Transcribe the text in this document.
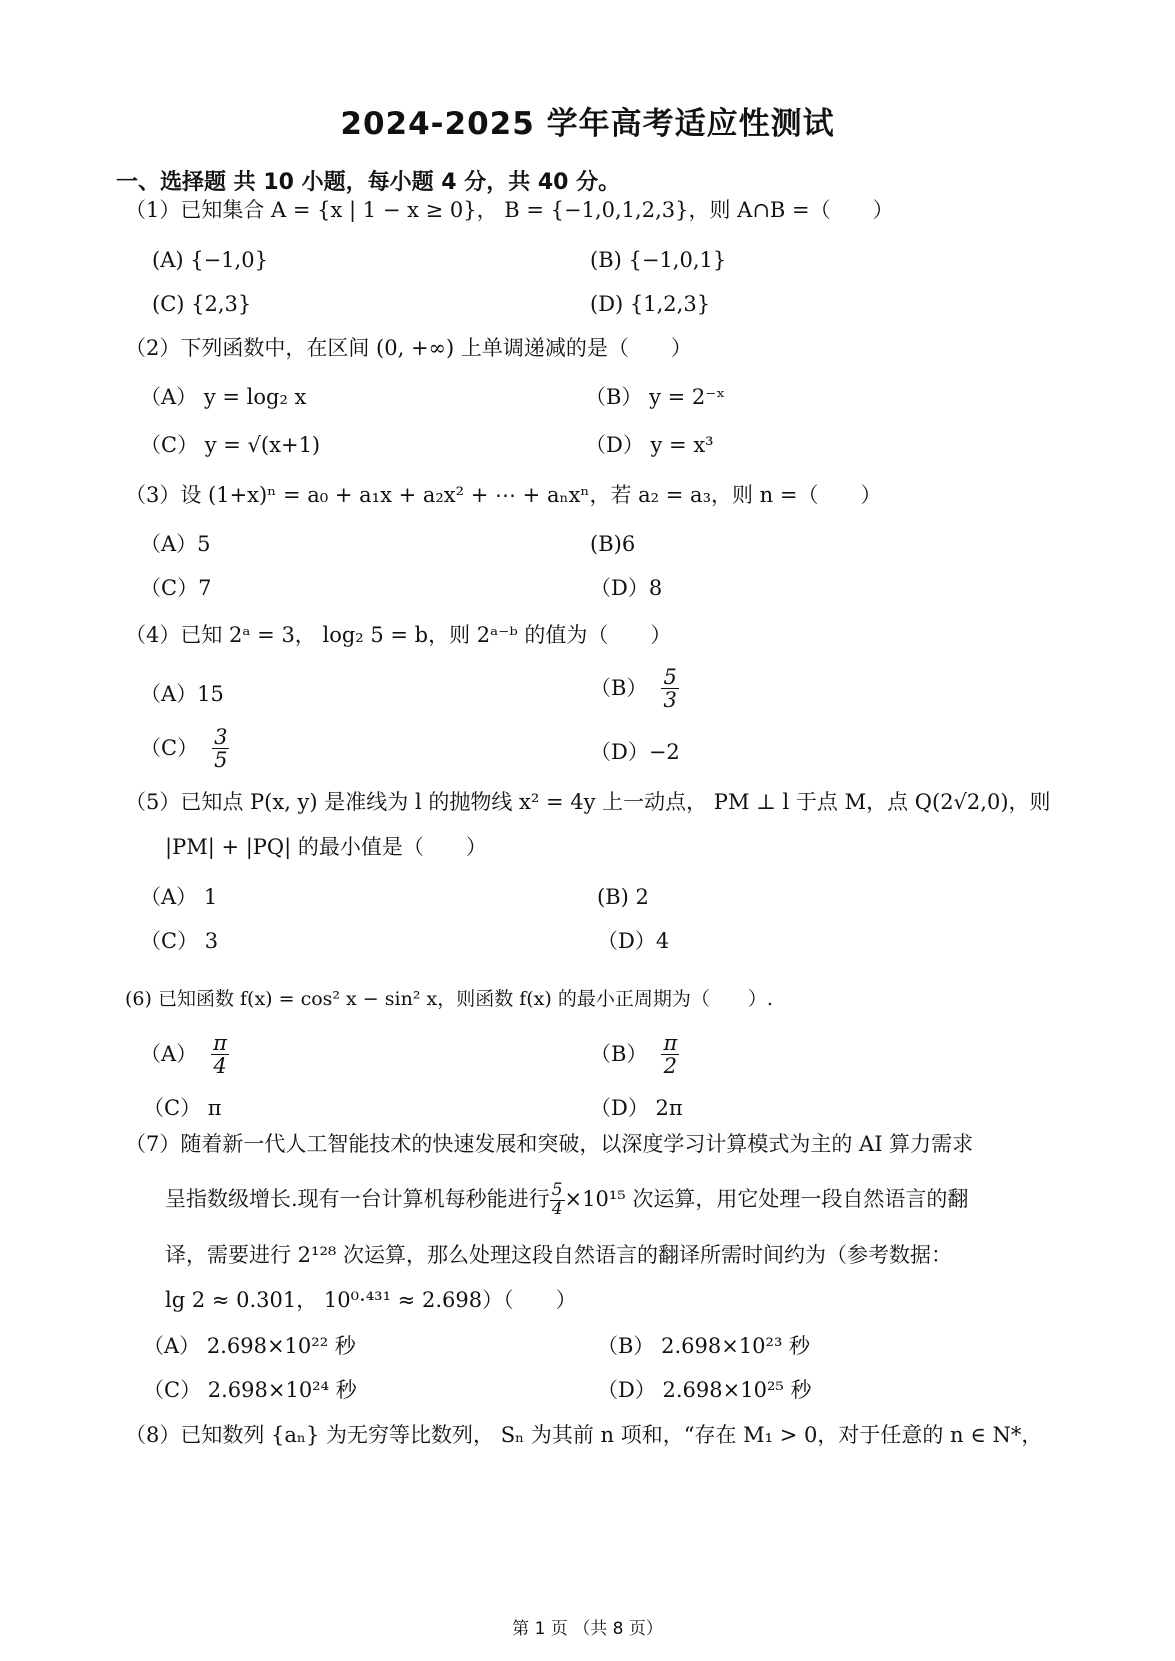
2024-2025 学年高考适应性测试
一、选择题 共 10 小题，每小题 4 分，共 40 分。
（1）已知集合 A = {x | 1 − x ≥ 0}， B = {−1,0,1,2,3}，则 A∩B =（　　）
(A) {−1,0}	(B) {−1,0,1}
(C) {2,3}	(D) {1,2,3}
（2）下列函数中，在区间 (0, +∞) 上单调递减的是（　　）
（A） y = log₂ x	（B） y = 2⁻ˣ
（C） y = √(x+1)	（D） y = x³
（3）设 (1+x)ⁿ = a₀ + a₁x + a₂x² + ⋯ + aₙxⁿ，若 a₂ = a₃，则 n =（　　）
（A）5	(B)6
（C）7	（D）8
（4）已知 2ᵃ = 3， log₂ 5 = b，则 2ᵃ⁻ᵇ 的值为（　　）
（A）15	$(B) \frac{5}{3}$
$(C) \frac{3}{5}$	（D）−2
（5）已知点 P(x, y) 是准线为 l 的抛物线 x² = 4y 上一动点， PM ⊥ l 于点 M，点 Q(2√2,0)，则
|PM| + |PQ| 的最小值是（　　）
（A） 1	(B) 2
（C） 3	（D）4
(6) 已知函数 f(x) = cos² x − sin² x，则函数 f(x) 的最小正周期为（　　）.
$(A) \frac{\pi}{4}$	$(B) \frac{\pi}{2}$
（C） π	（D） 2π
（7）随着新一代人工智能技术的快速发展和突破，以深度学习计算模式为主的 AI 算力需求
呈指数级增长.现有一台计算机每秒能进行 $\frac{5}{4} \times 10^{15}$ 次运算，用它处理一段自然语言的翻
译，需要进行 2¹²⁸ 次运算，那么处理这段自然语言的翻译所需时间约为（参考数据：
lg 2 ≈ 0.301， 10⁰·⁴³¹ ≈ 2.698）（　　）
（A） 2.698×10²² 秒	（B） 2.698×10²³ 秒
（C） 2.698×10²⁴ 秒	（D） 2.698×10²⁵ 秒
（8）已知数列 {aₙ} 为无穷等比数列， Sₙ 为其前 n 项和，“存在 M₁ > 0，对于任意的 n ∈ N*，
第 1 页 （共 8 页）
